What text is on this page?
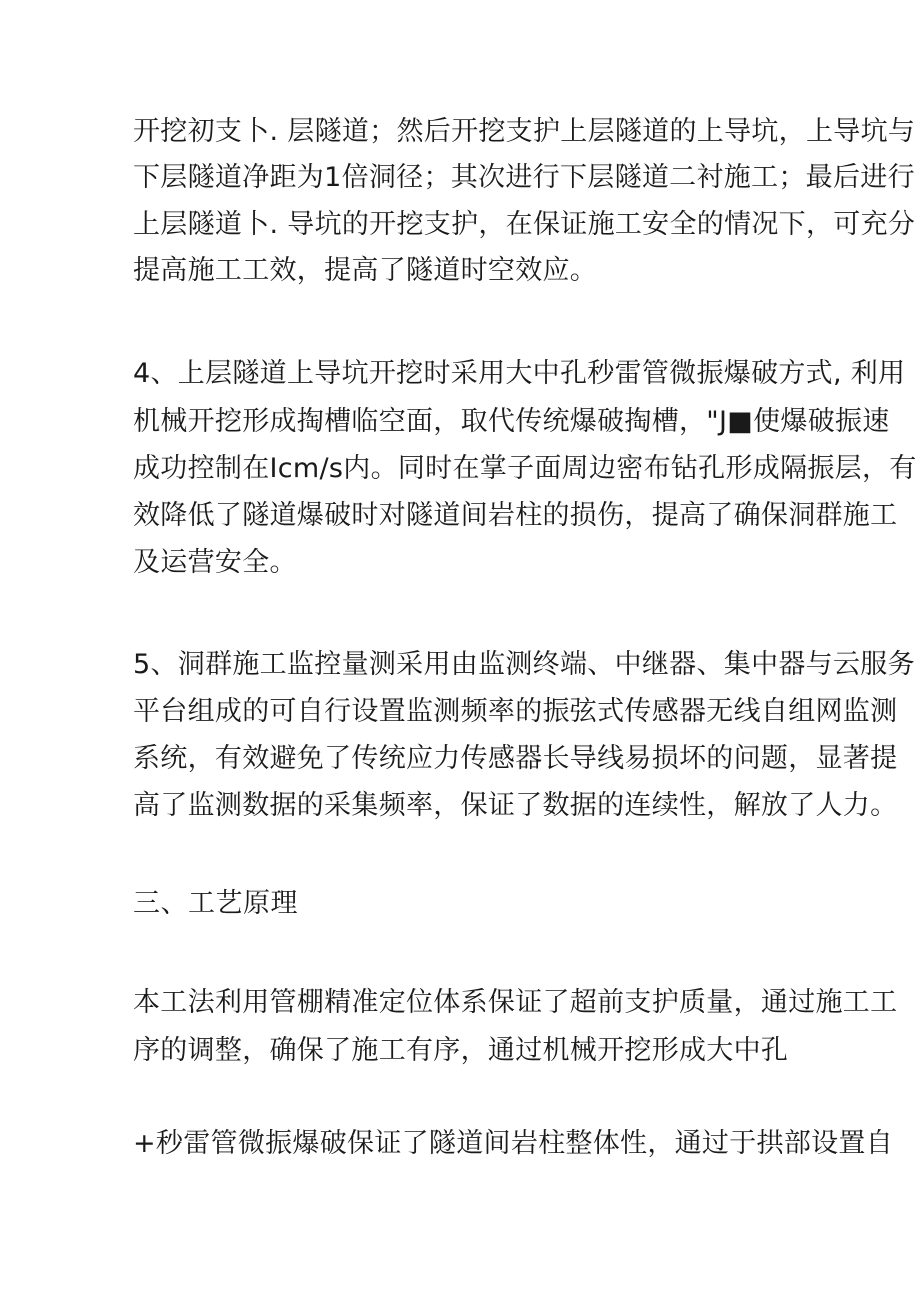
开挖初支卜. 层隧道；然后开挖支护上层隧道的上导坑，上导坑与
下层隧道净距为1倍洞径；其次进行下层隧道二衬施工；最后进行
上层隧道卜. 导坑的开挖支护，在保证施工安全的情况下，可充分
提高施工工效，提高了隧道时空效应。
4、上层隧道上导坑开挖时采用大中孔秒雷管微振爆破方式, 利用
机械开挖形成掏槽临空面，取代传统爆破掏槽，"J■使爆破振速
成功控制在Icm/s内。同时在掌子面周边密布钻孔形成隔振层，有
效降低了隧道爆破时对隧道间岩柱的损伤，提高了确保洞群施工
及运营安全。
5、洞群施工监控量测采用由监测终端、中继器、集中器与云服务
平台组成的可自行设置监测频率的振弦式传感器无线自组网监测
系统，有效避免了传统应力传感器长导线易损坏的问题，显著提
高了监测数据的采集频率，保证了数据的连续性，解放了人力。
三、工艺原理
本工法利用管棚精准定位体系保证了超前支护质量，通过施工工
序的调整，确保了施工有序，通过机械开挖形成大中孔
+秒雷管微振爆破保证了隧道间岩柱整体性，通过于拱部设置自
